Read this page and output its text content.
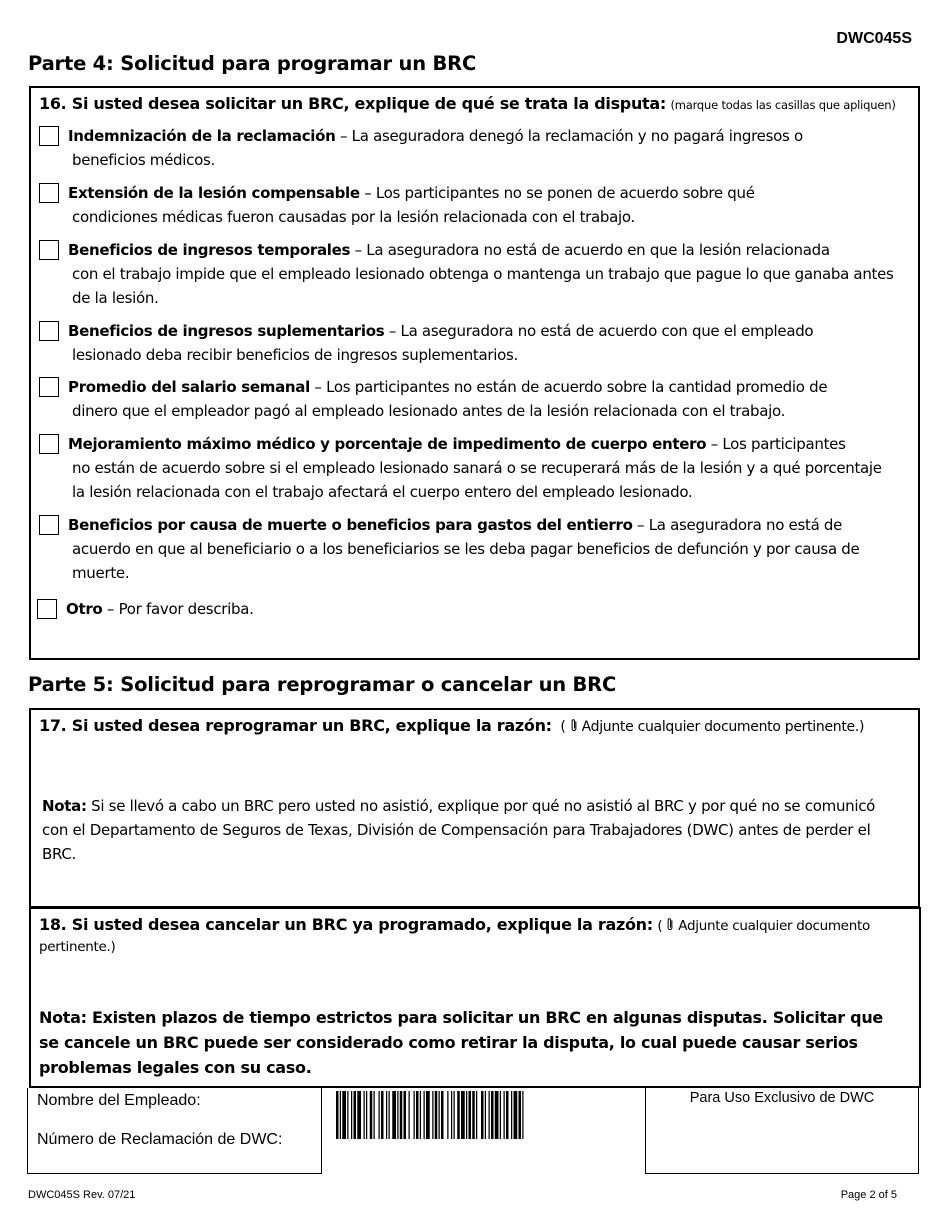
DWC045S
Parte 4: Solicitud para programar un BRC
16. Si usted desea solicitar un BRC, explique de qué se trata la disputa: (marque todas las casillas que apliquen)
Indemnización de la reclamación – La aseguradora denegó la reclamación y no pagará ingresos o
beneficios médicos.
Extensión de la lesión compensable – Los participantes no se ponen de acuerdo sobre qué
condiciones médicas fueron causadas por la lesión relacionada con el trabajo.
Beneficios de ingresos temporales – La aseguradora no está de acuerdo en que la lesión relacionada
con el trabajo impide que el empleado lesionado obtenga o mantenga un trabajo que pague lo que ganaba antes de la lesión.
Beneficios de ingresos suplementarios – La aseguradora no está de acuerdo con que el empleado
lesionado deba recibir beneficios de ingresos suplementarios.
Promedio del salario semanal – Los participantes no están de acuerdo sobre la cantidad promedio de
dinero que el empleador pagó al empleado lesionado antes de la lesión relacionada con el trabajo.
Mejoramiento máximo médico y porcentaje de impedimento de cuerpo entero – Los participantes
no están de acuerdo sobre si el empleado lesionado sanará o se recuperará más de la lesión y a qué porcentaje la lesión relacionada con el trabajo afectará el cuerpo entero del empleado lesionado.
Beneficios por causa de muerte o beneficios para gastos del entierro – La aseguradora no está de
acuerdo en que al beneficiario o a los beneficiarios se les deba pagar beneficios de defunción y por causa de muerte.
Otro – Por favor describa.
Parte 5: Solicitud para reprogramar o cancelar un BRC
17. Si usted desea reprogramar un BRC, explique la razón: ( Adjunte cualquier documento pertinente.)
Nota: Si se llevó a cabo un BRC pero usted no asistió, explique por qué no asistió al BRC y por qué no se comunicó con el Departamento de Seguros de Texas, División de Compensación para Trabajadores (DWC) antes de perder el BRC.
18. Si usted desea cancelar un BRC ya programado, explique la razón: ( Adjunte cualquier documento pertinente.)
Nota: Existen plazos de tiempo estrictos para solicitar un BRC en algunas disputas. Solicitar que se cancele un BRC puede ser considerado como retirar la disputa, lo cual puede causar serios problemas legales con su caso.
Nombre del Empleado:
Número de Reclamación de DWC:
Para Uso Exclusivo de DWC
DWC045S Rev. 07/21	Page 2 of 5
